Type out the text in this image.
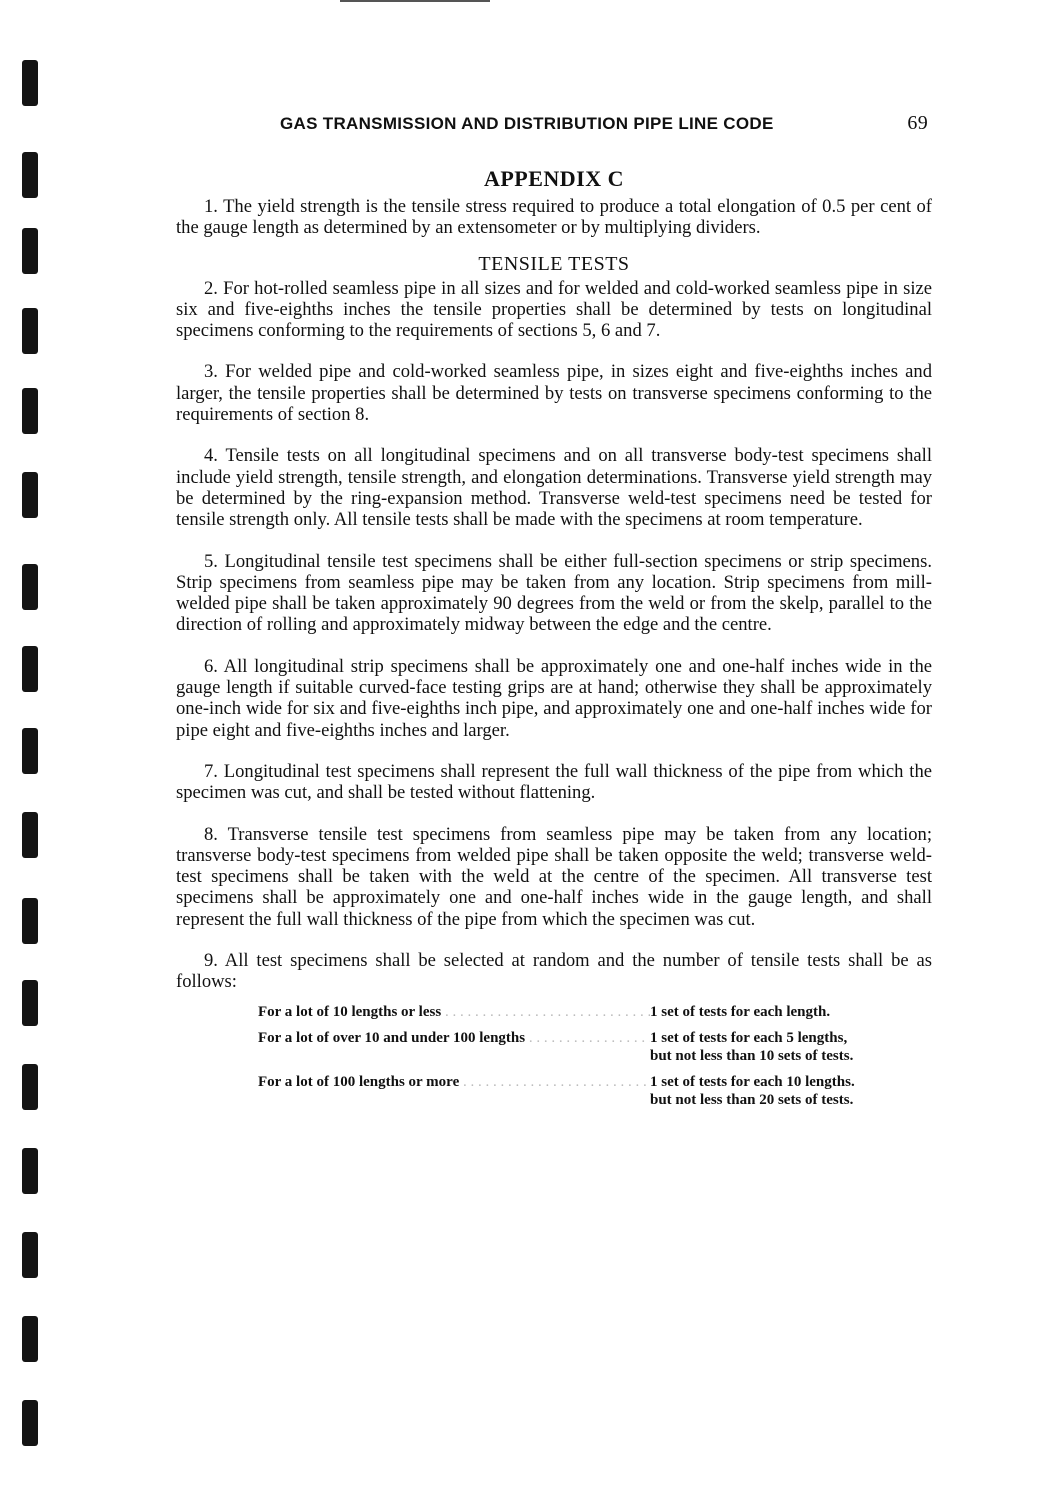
GAS TRANSMISSION AND DISTRIBUTION PIPE LINE CODE	69
APPENDIX C

1. The yield strength is the tensile stress required to produce a total elongation of 0.5 per cent of the gauge length as determined by an extensometer or by multiplying dividers.

TENSILE TESTS

2. For hot-rolled seamless pipe in all sizes and for welded and cold-worked seamless pipe in size six and five-eighths inches the tensile properties shall be determined by tests on longitudinal specimens conforming to the requirements of sections 5, 6 and 7.

3. For welded pipe and cold-worked seamless pipe, in sizes eight and five-eighths inches and larger, the tensile properties shall be determined by tests on transverse specimens conforming to the requirements of section 8.

4. Tensile tests on all longitudinal specimens and on all transverse body-test specimens shall include yield strength, tensile strength, and elongation determinations. Transverse yield strength may be determined by the ring-expansion method. Transverse weld-test specimens need be tested for tensile strength only. All tensile tests shall be made with the specimens at room temperature.

5. Longitudinal tensile test specimens shall be either full-section specimens or strip specimens. Strip specimens from seamless pipe may be taken from any location. Strip specimens from mill-welded pipe shall be taken approximately 90 degrees from the weld or from the skelp, parallel to the direction of rolling and approximately midway between the edge and the centre.

6. All longitudinal strip specimens shall be approximately one and one-half inches wide in the gauge length if suitable curved-face testing grips are at hand; otherwise they shall be approximately one-inch wide for six and five-eighths inch pipe, and approximately one and one-half inches wide for pipe eight and five-eighths inches and larger.

7. Longitudinal test specimens shall represent the full wall thickness of the pipe from which the specimen was cut, and shall be tested without flattening.

8. Transverse tensile test specimens from seamless pipe may be taken from any location; transverse body-test specimens from welded pipe shall be taken opposite the weld; transverse weld-test specimens shall be taken with the weld at the centre of the specimen. All transverse test specimens shall be approximately one and one-half inches wide in the gauge length, and shall represent the full wall thickness of the pipe from which the specimen was cut.

9. All test specimens shall be selected at random and the number of tensile tests shall be as follows:

For a lot of 10 lengths or less . . .	1 set of tests for each length.
For a lot of over 10 and under 100 lengths . . .	1 set of tests for each 5 lengths,
but not less than 10 sets of tests.
For a lot of 100 lengths or more . . .	1 set of tests for each 10 lengths.
but not less than 20 sets of tests.
